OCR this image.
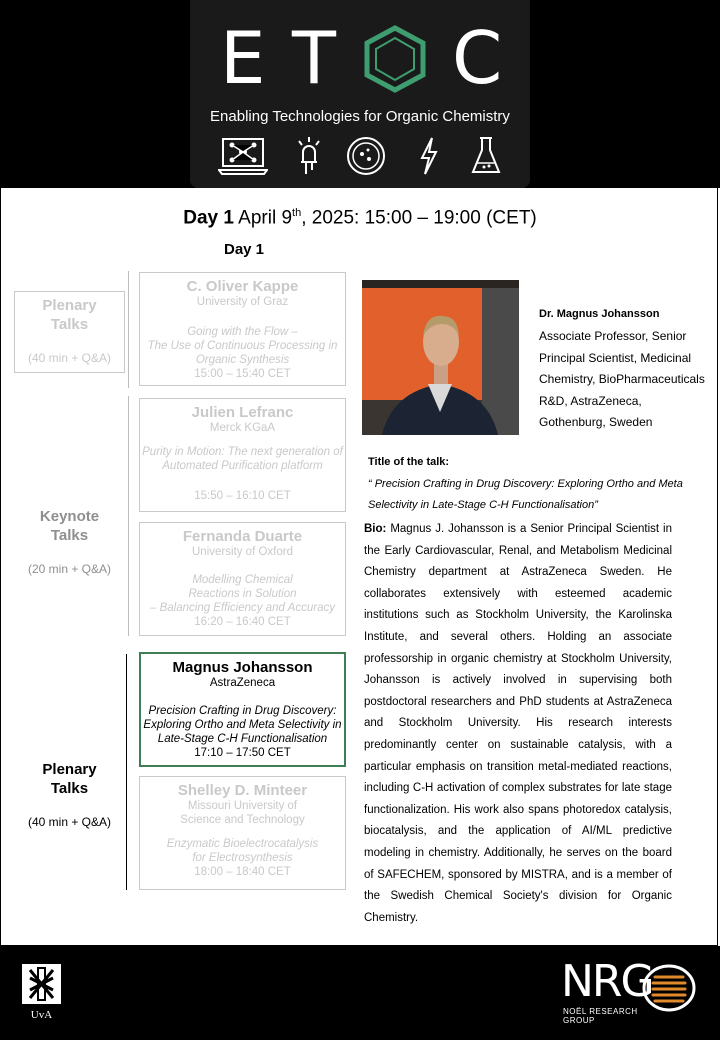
E T C
Enabling Technologies for Organic Chemistry
Day 1 April 9th, 2025: 15:00 – 19:00 (CET)
Day 1
Plenary
Talks
(40 min + Q&A)
Keynote
Talks
(20 min + Q&A)
Plenary
Talks
(40 min + Q&A)
C. Oliver Kappe
University of Graz
Going with the Flow –
The Use of Continuous Processing in Organic Synthesis
15:00 – 15:40 CET
Julien Lefranc
Merck KGaA
Purity in Motion: The next generation of Automated Purification platform
15:50 – 16:10 CET
Fernanda Duarte
University of Oxford
Modelling Chemical
Reactions in Solution
– Balancing Efficiency and Accuracy
16:20 – 16:40 CET
Magnus Johansson
AstraZeneca
Precision Crafting in Drug Discovery: Exploring Ortho and Meta Selectivity in Late-Stage C-H Functionalisation
17:10 – 17:50 CET
Shelley D. Minteer
Missouri University of
Science and Technology
Enzymatic Bioelectrocatalysis
for Electrosynthesis
18:00 – 18:40 CET
Dr. Magnus Johansson
Associate Professor, Senior Principal Scientist, Medicinal Chemistry, BioPharmaceuticals R&D, AstraZeneca, Gothenburg, Sweden
Title of the talk:
“ Precision Crafting in Drug Discovery: Exploring Ortho and Meta Selectivity in Late-Stage C-H Functionalisation”
Bio: Magnus J. Johansson is a Senior Principal Scientist in the Early Cardiovascular, Renal, and Metabolism Medicinal Chemistry department at AstraZeneca Sweden. He collaborates extensively with esteemed academic institutions such as Stockholm University, the Karolinska Institute, and several others. Holding an associate professorship in organic chemistry at Stockholm University, Johansson is actively involved in supervising both postdoctoral researchers and PhD students at AstraZeneca and Stockholm University. His research interests predominantly center on sustainable catalysis, with a particular emphasis on transition metal-mediated reactions, including C-H activation of complex substrates for late stage functionalization. His work also spans photoredox catalysis, biocatalysis, and the application of AI/ML predictive modeling in chemistry. Additionally, he serves on the board of SAFECHEM, sponsored by MISTRA, and is a member of the Swedish Chemical Society's division for Organic Chemistry.
UvA
NRG
NOËL RESEARCH GROUP
